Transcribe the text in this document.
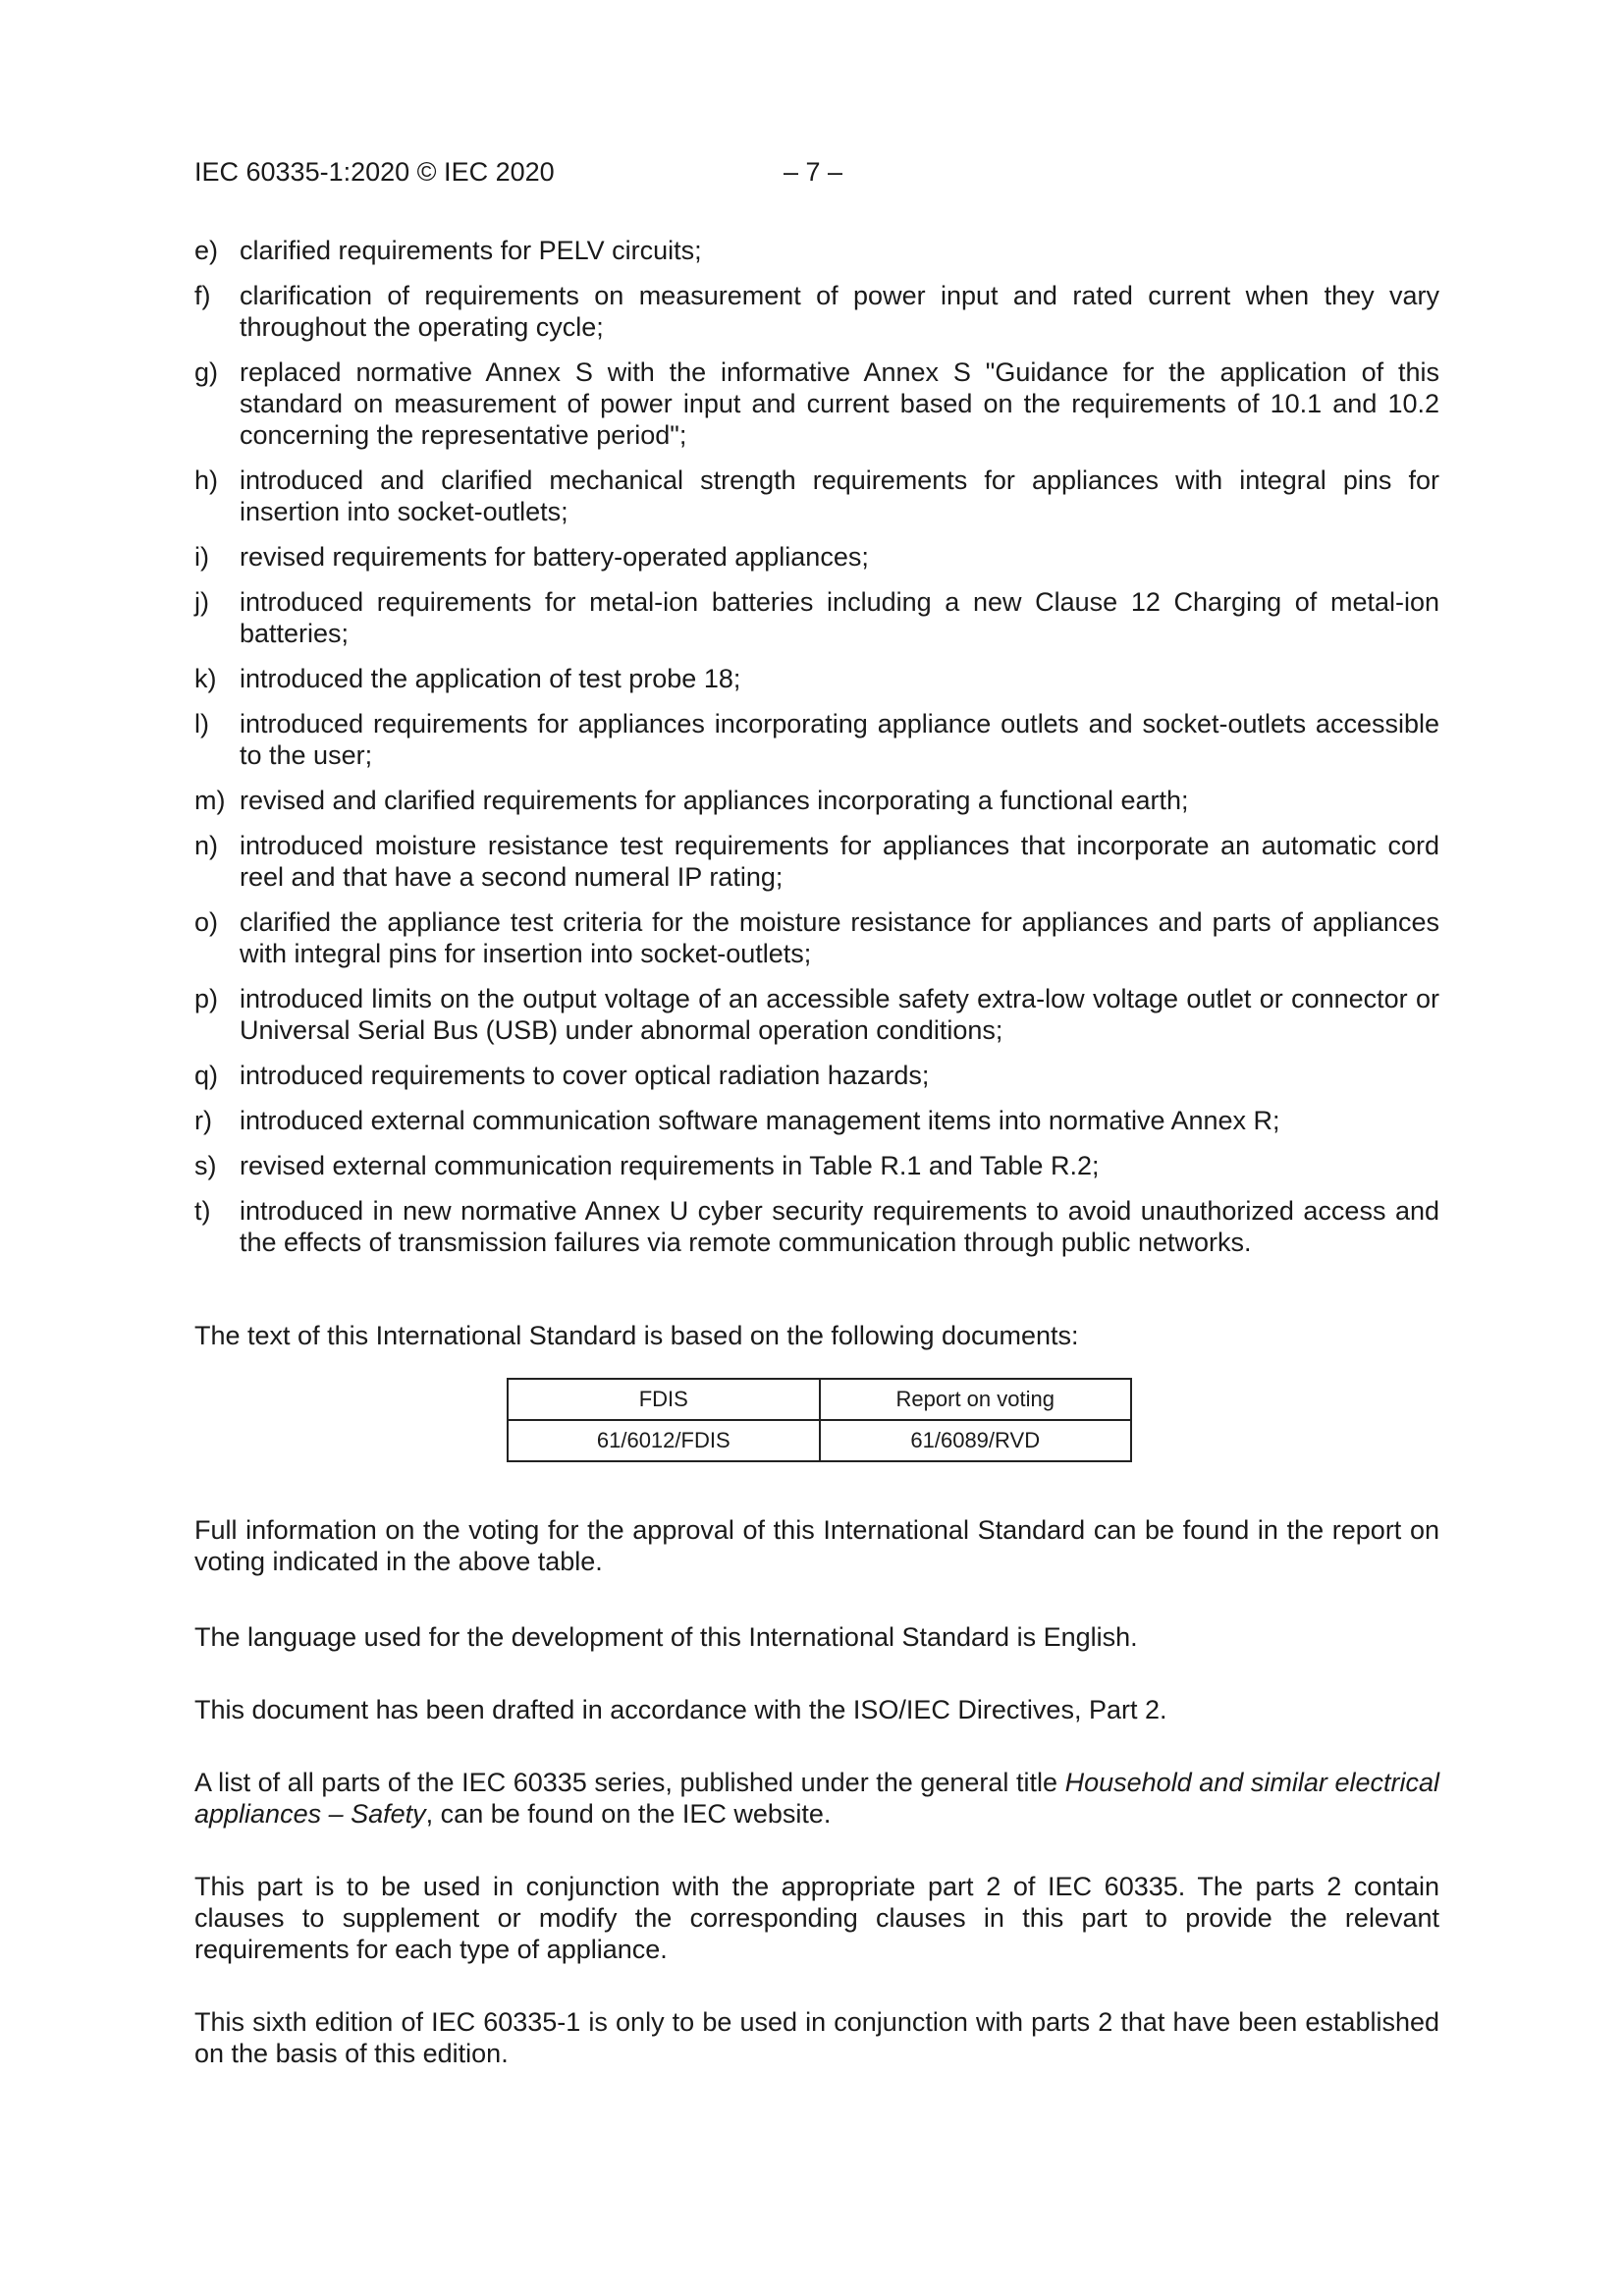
IEC 60335-1:2020 © IEC 2020	– 7 –
e) clarified requirements for PELV circuits;
f) clarification of requirements on measurement of power input and rated current when they vary throughout the operating cycle;
g) replaced normative Annex S with the informative Annex S "Guidance for the application of this standard on measurement of power input and current based on the requirements of 10.1 and 10.2 concerning the representative period";
h) introduced and clarified mechanical strength requirements for appliances with integral pins for insertion into socket-outlets;
i) revised requirements for battery-operated appliances;
j) introduced requirements for metal-ion batteries including a new Clause 12 Charging of metal-ion batteries;
k) introduced the application of test probe 18;
l) introduced requirements for appliances incorporating appliance outlets and socket-outlets accessible to the user;
m) revised and clarified requirements for appliances incorporating a functional earth;
n) introduced moisture resistance test requirements for appliances that incorporate an automatic cord reel and that have a second numeral IP rating;
o) clarified the appliance test criteria for the moisture resistance for appliances and parts of appliances with integral pins for insertion into socket-outlets;
p) introduced limits on the output voltage of an accessible safety extra-low voltage outlet or connector or Universal Serial Bus (USB) under abnormal operation conditions;
q) introduced requirements to cover optical radiation hazards;
r) introduced external communication software management items into normative Annex R;
s) revised external communication requirements in Table R.1 and Table R.2;
t) introduced in new normative Annex U cyber security requirements to avoid unauthorized access and the effects of transmission failures via remote communication through public networks.

The text of this International Standard is based on the following documents:

FDIS	Report on voting
61/6012/FDIS	61/6089/RVD

Full information on the voting for the approval of this International Standard can be found in the report on voting indicated in the above table.

The language used for the development of this International Standard is English.

This document has been drafted in accordance with the ISO/IEC Directives, Part 2.

A list of all parts of the IEC 60335 series, published under the general title Household and similar electrical appliances – Safety, can be found on the IEC website.

This part is to be used in conjunction with the appropriate part 2 of IEC 60335. The parts 2 contain clauses to supplement or modify the corresponding clauses in this part to provide the relevant requirements for each type of appliance.

This sixth edition of IEC 60335-1 is only to be used in conjunction with parts 2 that have been established on the basis of this edition.
